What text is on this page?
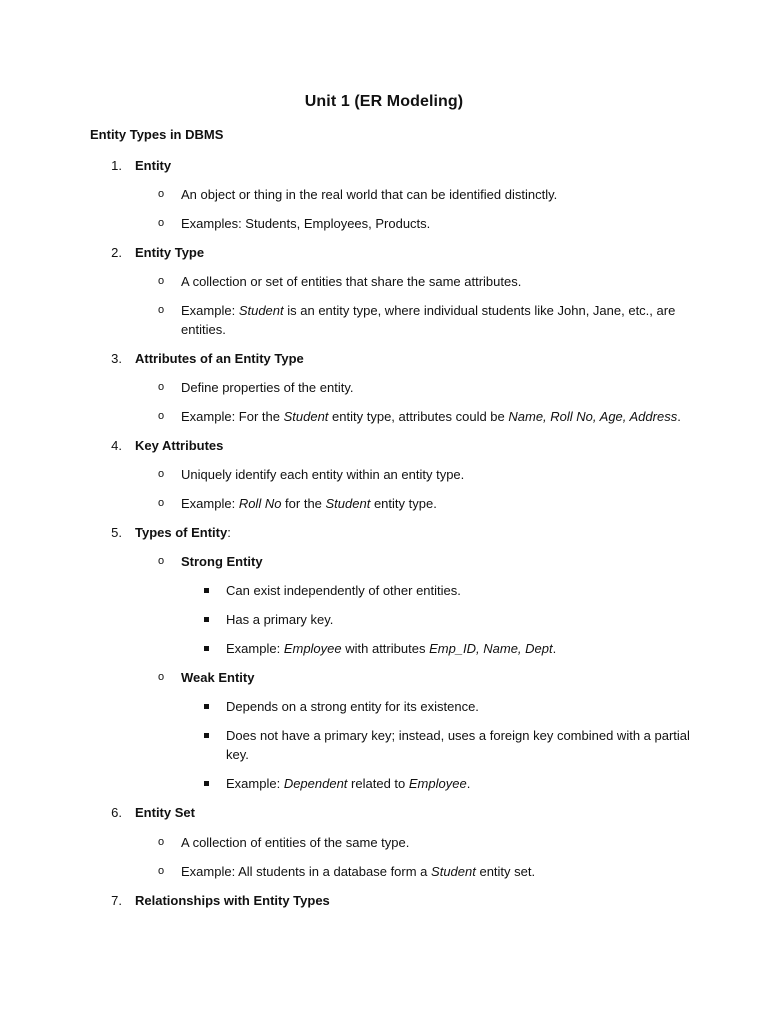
Unit 1 (ER Modeling)
Entity Types in DBMS
1. Entity
o An object or thing in the real world that can be identified distinctly.
o Examples: Students, Employees, Products.
2. Entity Type
o A collection or set of entities that share the same attributes.
o Example: Student is an entity type, where individual students like John, Jane, etc., are
entities.
3. Attributes of an Entity Type
o Define properties of the entity.
o Example: For the Student entity type, attributes could be Name, Roll No, Age, Address.
4. Key Attributes
o Uniquely identify each entity within an entity type.
o Example: Roll No for the Student entity type.
5. Types of Entity:
o Strong Entity
Can exist independently of other entities.
Has a primary key.
Example: Employee with attributes Emp_ID, Name, Dept.
o Weak Entity
Depends on a strong entity for its existence.
Does not have a primary key; instead, uses a foreign key combined with a partial
key.
Example: Dependent related to Employee.
6. Entity Set
o A collection of entities of the same type.
o Example: All students in a database form a Student entity set.
7. Relationships with Entity Types
